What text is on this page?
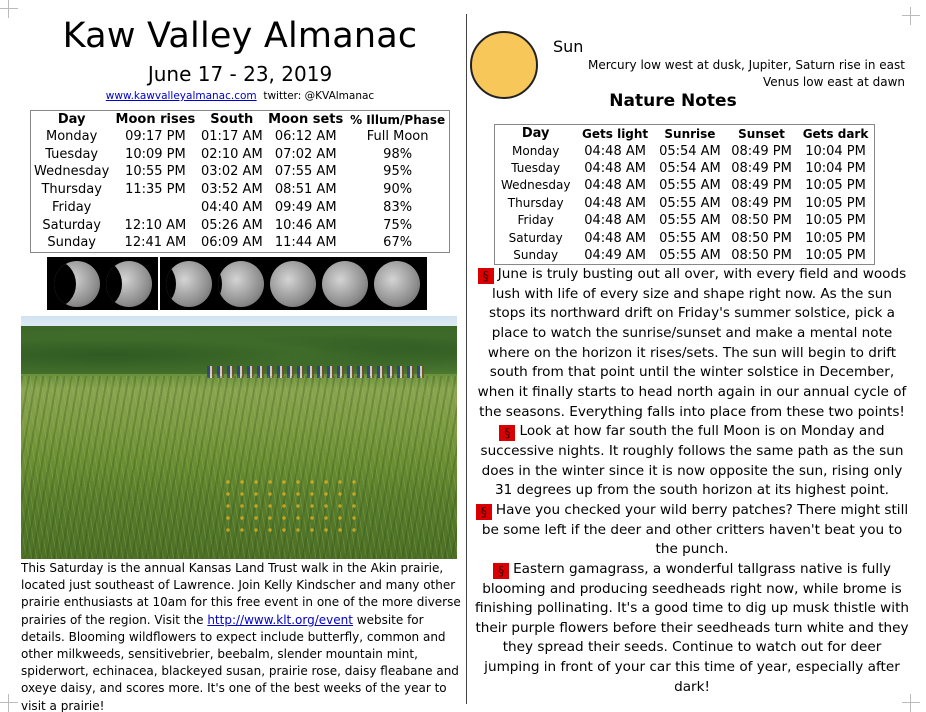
Kaw Valley Almanac
June 17 - 23, 2019
www.kawvalleyalmanac.com twitter: @KVAlmanac
Day	Moon rises	South	Moon sets	% Illum/Phase
Monday	09:17 PM	01:17 AM	06:12 AM	Full Moon
Tuesday	10:09 PM	02:10 AM	07:02 AM	98%
Wednesday	10:55 PM	03:02 AM	07:55 AM	95%
Thursday	11:35 PM	03:52 AM	08:51 AM	90%
Friday		04:40 AM	09:49 AM	83%
Saturday	12:10 AM	05:26 AM	10:46 AM	75%
Sunday	12:41 AM	06:09 AM	11:44 AM	67%
This Saturday is the annual Kansas Land Trust walk in the Akin prairie, located just southeast of Lawrence. Join Kelly Kindscher and many other prairie enthusiasts at 10am for this free event in one of the more diverse prairies of the region. Visit the http://www.klt.org/event website for details. Blooming wildflowers to expect include butterfly, common and other milkweeds, sensitivebrier, beebalm, slender mountain mint, spiderwort, echinacea, blackeyed susan, prairie rose, daisy fleabane and oxeye daisy, and scores more. It's one of the best weeks of the year to visit a prairie!
Sun
Mercury low west at dusk, Jupiter, Saturn rise in east
Venus low east at dawn
Nature Notes
Day	Gets light	Sunrise	Sunset	Gets dark
Monday	04:48 AM	05:54 AM	08:49 PM	10:04 PM
Tuesday	04:48 AM	05:54 AM	08:49 PM	10:04 PM
Wednesday	04:48 AM	05:55 AM	08:49 PM	10:05 PM
Thursday	04:48 AM	05:55 AM	08:49 PM	10:05 PM
Friday	04:48 AM	05:55 AM	08:50 PM	10:05 PM
Saturday	04:48 AM	05:55 AM	08:50 PM	10:05 PM
Sunday	04:49 AM	05:55 AM	08:50 PM	10:05 PM
§ June is truly busting out all over, with every field and woods lush with life of every size and shape right now. As the sun stops its northward drift on Friday's summer solstice, pick a place to watch the sunrise/sunset and make a mental note where on the horizon it rises/sets. The sun will begin to drift south from that point until the winter solstice in December, when it finally starts to head north again in our annual cycle of the seasons. Everything falls into place from these two points!
§ Look at how far south the full Moon is on Monday and successive nights. It roughly follows the same path as the sun does in the winter since it is now opposite the sun, rising only 31 degrees up from the south horizon at its highest point.
§ Have you checked your wild berry patches? There might still be some left if the deer and other critters haven't beat you to the punch.
§ Eastern gamagrass, a wonderful tallgrass native is fully blooming and producing seedheads right now, while brome is finishing pollinating. It's a good time to dig up musk thistle with their purple flowers before their seedheads turn white and they they spread their seeds. Continue to watch out for deer jumping in front of your car this time of year, especially after dark!
